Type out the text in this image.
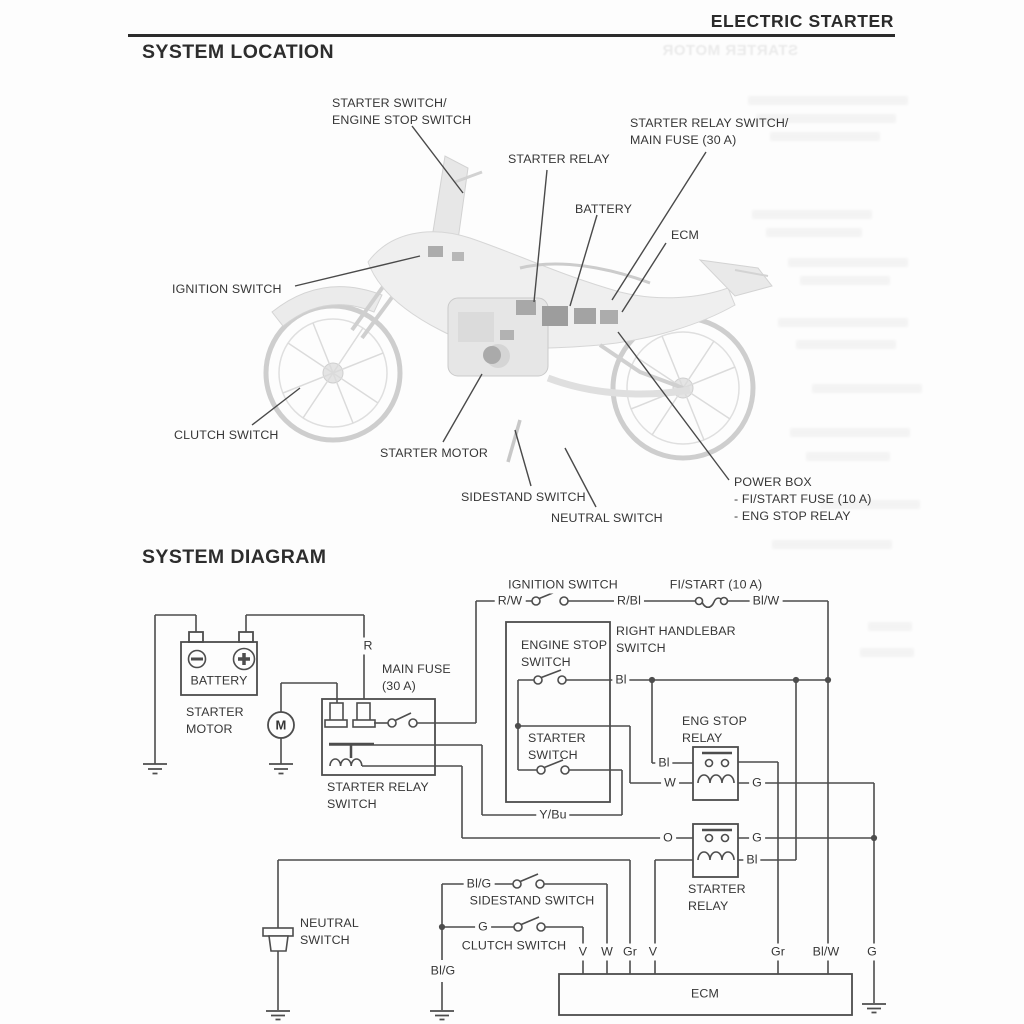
STARTER MOTOR
ELECTRIC STARTER
SYSTEM LOCATION
SYSTEM DIAGRAM
STARTER SWITCH/
ENGINE STOP SWITCH
STARTER RELAY
STARTER RELAY SWITCH/
MAIN FUSE (30 A)
BATTERY
ECM
IGNITION SWITCH
CLUTCH SWITCH
STARTER MOTOR
SIDESTAND SWITCH
NEUTRAL SWITCH
POWER BOX
- FI/START FUSE (10 A)
- ENG STOP RELAY
IGNITION SWITCH	FI/START (10 A)
R/W	R/Bl	Bl/W
R
MAIN FUSE
(30 A)
BATTERY
STARTER
MOTOR	M
STARTER RELAY
SWITCH
ENGINE STOP
SWITCH
STARTER
SWITCH
RIGHT HANDLEBAR
SWITCH
Bl
Bl
W
ENG STOP
RELAY
G
O	G
Bl
STARTER
RELAY
Y/Bu
Bl/G
SIDESTAND SWITCH
G
CLUTCH SWITCH
NEUTRAL
SWITCH
Bl/G
V W Gr V	Gr Bl/W G
ECM
